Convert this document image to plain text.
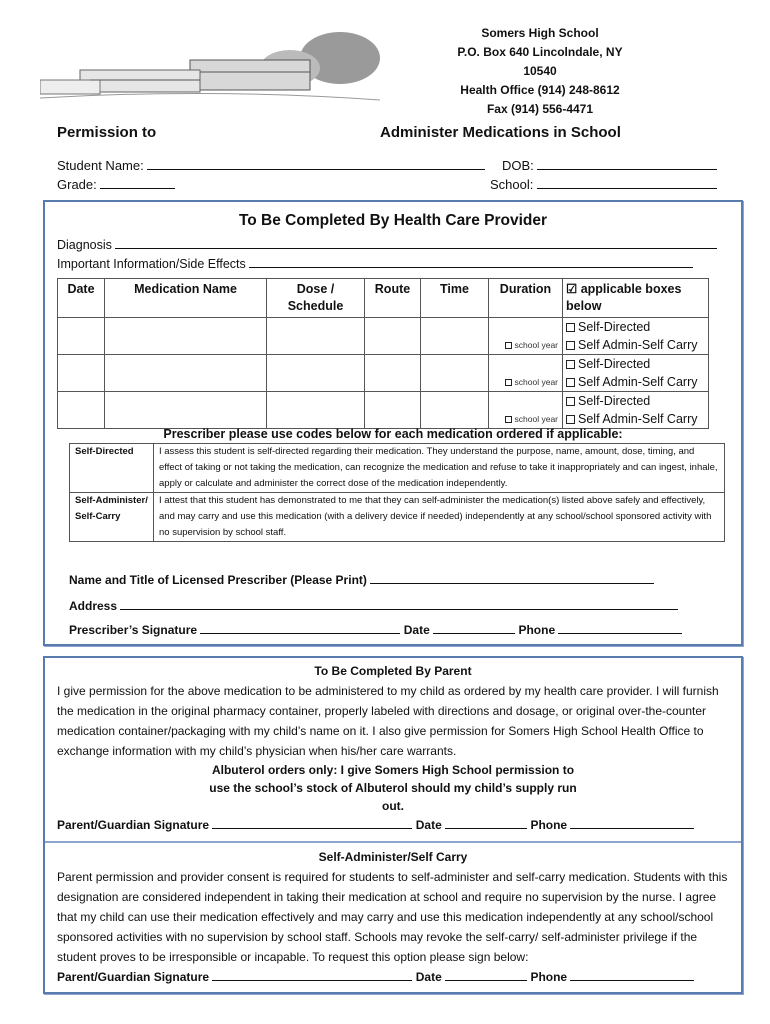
Somers High School
P.O. Box 640 Lincolndale, NY 10540
Health Office (914) 248-8612
Fax (914) 556-4471
Permission to	Administer Medications in School
Student Name:	DOB:
Grade:	School:
To Be Completed By Health Care Provider
Diagnosis
Important Information/Side Effects
Date	Medication Name	Dose / Schedule	Route	Time	Duration	☑ applicable boxes below

					school year	Self-Directed
Self Admin-Self Carry

					school year	Self-Directed
Self Admin-Self Carry

					school year	Self-Directed
Self Admin-Self Carry
Prescriber please use codes below for each medication ordered if applicable:
Self-Directed	I assess this student is self-directed regarding their medication. They understand the purpose, name, amount, dose, timing, and effect of taking or not taking the medication, can recognize the medication and refuse to take it inappropriately and can ingest, inhale, apply or calculate and administer the correct dose of the medication independently.
Self-Administer/ Self-Carry	I attest that this student has demonstrated to me that they can self-administer the medication(s) listed above safely and effectively, and may carry and use this medication (with a delivery device if needed) independently at any school/school sponsored activity with no supervision by school staff.
Name and Title of Licensed Prescriber (Please Print)
Address
Prescriber’s Signature	Date	Phone
To Be Completed By Parent
I give permission for the above medication to be administered to my child as ordered by my health care provider. I will furnish the medication in the original pharmacy container, properly labeled with directions and dosage, or original over-the-counter medication container/packaging with my child’s name on it. I also give permission for Somers High School Health Office to exchange information with my child’s physician when his/her care warrants.
Albuterol orders only: I give Somers High School permission to use the school’s stock of Albuterol should my child’s supply run out.
Parent/Guardian Signature	Date	Phone
Self-Administer/Self Carry
Parent permission and provider consent is required for students to self-administer and self-carry medication. Students with this designation are considered independent in taking their medication at school and require no supervision by the nurse. I agree that my child can use their medication effectively and may carry and use this medication independently at any school/school sponsored activities with no supervision by school staff. Schools may revoke the self-carry/ self-administer privilege if the student proves to be irresponsible or incapable. To request this option please sign below:
Parent/Guardian Signature	Date	Phone
